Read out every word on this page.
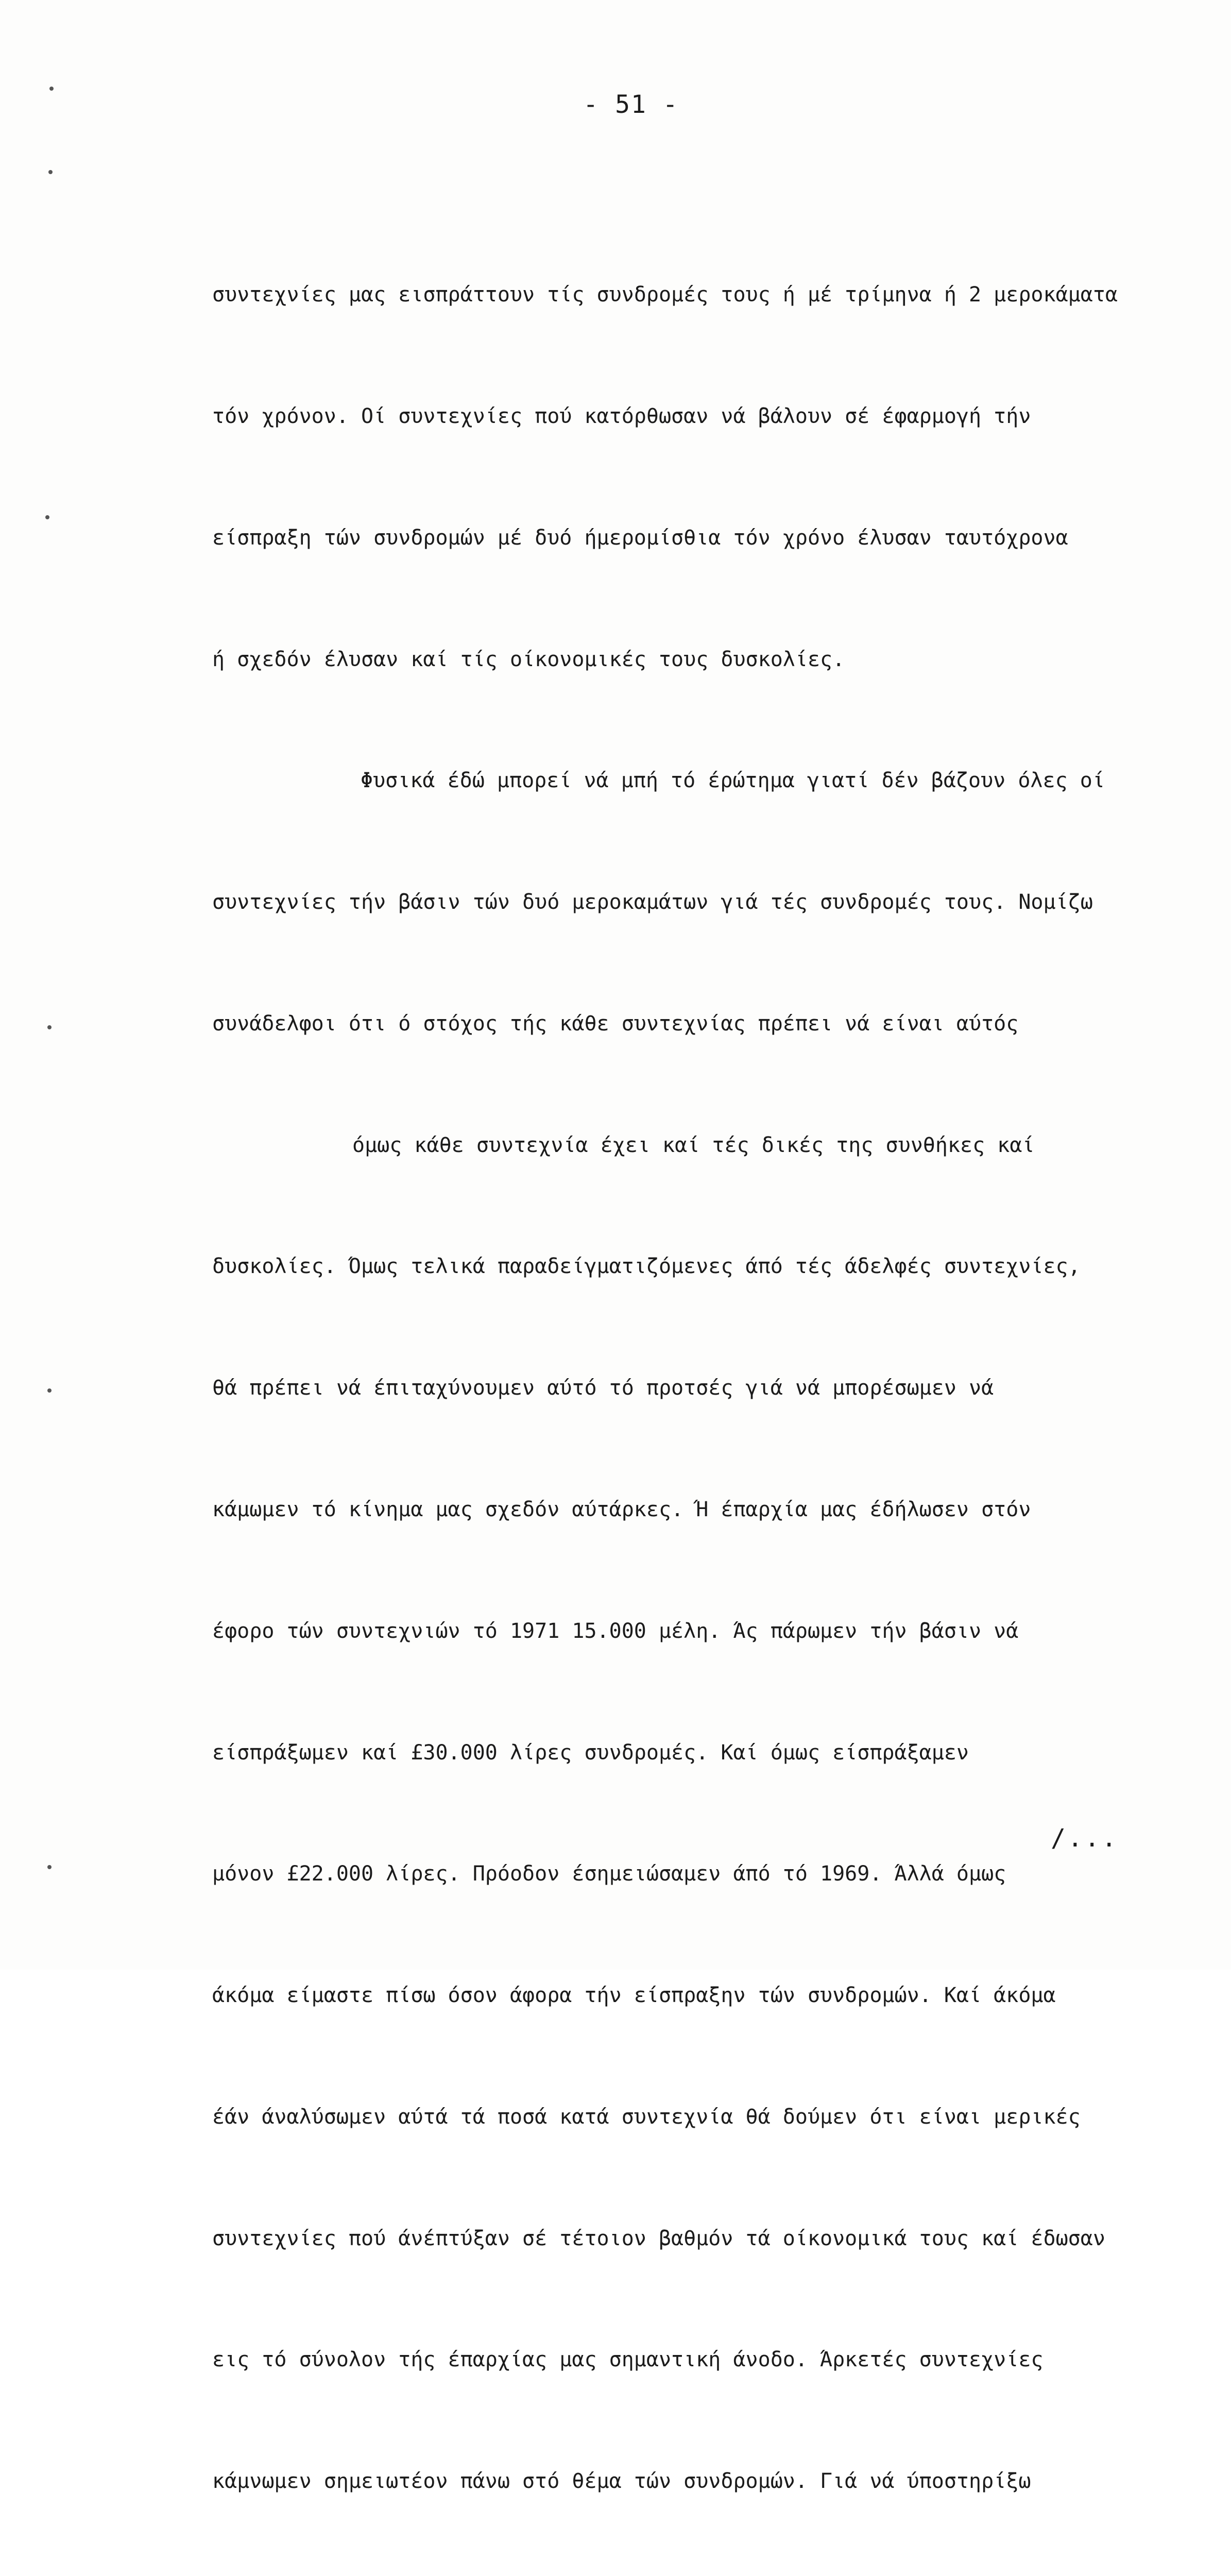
- 51 -

συντεχνίες μας εισπράττουν τίς συνδρομές τους ή μέ τρίμηνα ή 2 μεροκάματα

τόν χρόνον. Οί συντεχνίες πού κατόρθωσαν νά βάλουν σέ έφαρμογή τήν

είσπραξη τών συνδρομών μέ δυό ήμερομίσθια τόν χρόνο έλυσαν ταυτόχρονα

ή σχεδόν έλυσαν καί τίς οίκονομικές τους δυσκολίες.

Φυσικά έδώ μπορεί νά μπή τό έρώτημα γιατί δέν βάζουν όλες οί

συντεχνίες τήν βάσιν τών δυό μεροκαμάτων γιά τές συνδρομές τους. Νομίζω

συνάδελφοι ότι ό στόχος τής κάθε συντεχνίας πρέπει νά είναι αύτός

όμως κάθε συντεχνία έχει καί τές δικές της συνθήκες καί

δυσκολίες. Όμως τελικά παραδείγματιζόμενες άπό τές άδελφές συντεχνίες,

θά πρέπει νά έπιταχύνουμεν αύτό τό προτσές γιά νά μπορέσωμεν νά

κάμωμεν τό κίνημα μας σχεδόν αύτάρκες. Ή έπαρχία μας έδήλωσεν στόν

έφορο τών συντεχνιών τό 1971 15.000 μέλη. Άς πάρωμεν τήν βάσιν νά

είσπράξωμεν καί £30.000 λίρες συνδρομές. Καί όμως είσπράξαμεν

μόνον £22.000 λίρες. Πρόοδον έσημειώσαμεν άπό τό 1969. Άλλά όμως

άκόμα είμαστε πίσω όσον άφορα τήν είσπραξην τών συνδρομών. Καί άκόμα

έάν άναλύσωμεν αύτά τά ποσά κατά συντεχνία θά δούμεν ότι είναι μερικές

συντεχνίες πού άνέπτύξαν σέ τέτοιον βαθμόν τά οίκονομικά τους καί έδωσαν

εις τό σύνολον τής έπαρχίας μας σημαντική άνοδο. Άρκετές συντεχνίες

κάμνωμεν σημειωτέον πάνω στό θέμα τών συνδρομών. Γιά νά ύποστηρίξω

/...
